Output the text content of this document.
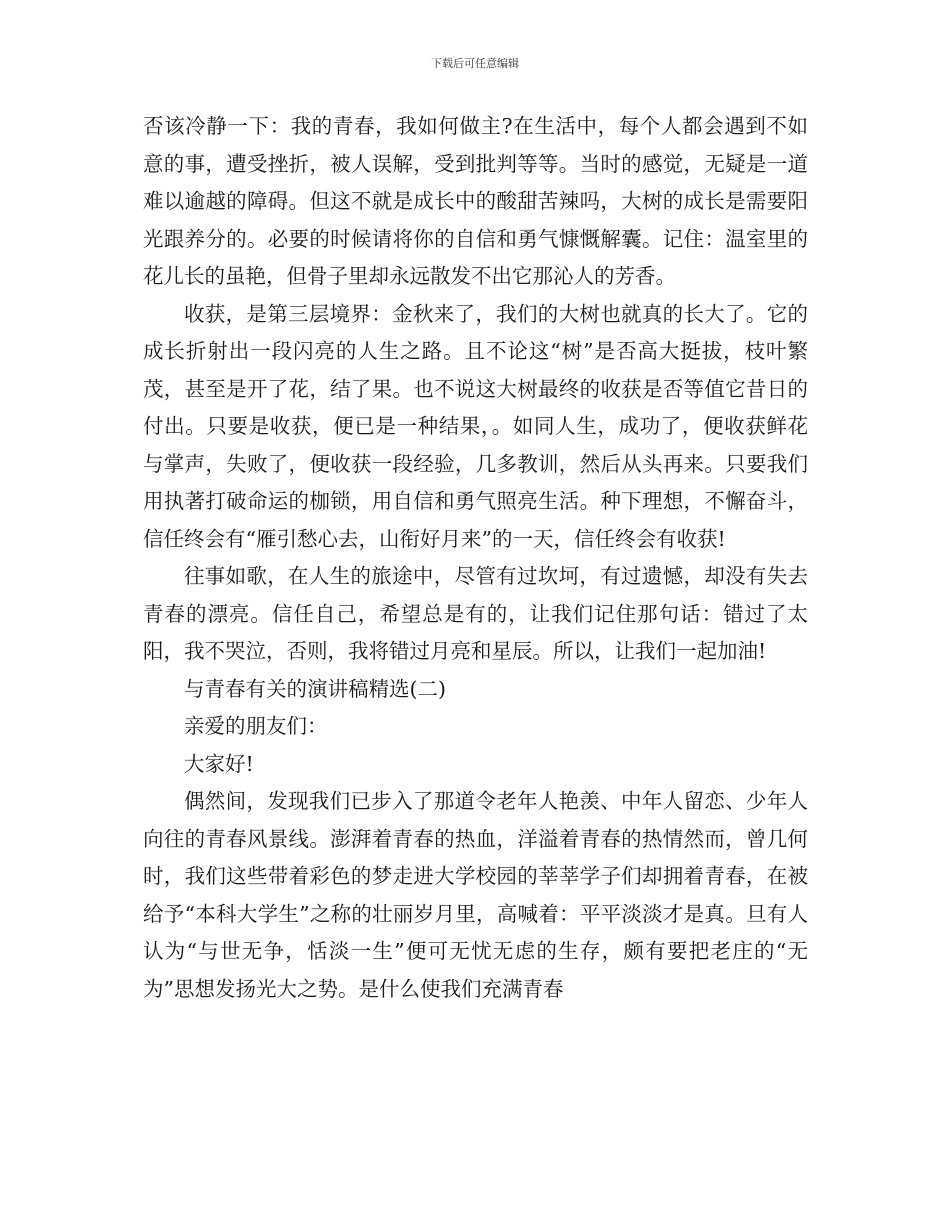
下载后可任意编辑

否该冷静一下：我的青春，我如何做主?在生活中，每个人都会遇到不如意的事，遭受挫折，被人误解，受到批判等等。当时的感觉，无疑是一道难以逾越的障碍。但这不就是成长中的酸甜苦辣吗，大树的成长是需要阳光跟养分的。必要的时候请将你的自信和勇气慷慨解囊。记住：温室里的花儿长的虽艳，但骨子里却永远散发不出它那沁人的芳香。

收获，是第三层境界：金秋来了，我们的大树也就真的长大了。它的成长折射出一段闪亮的人生之路。且不论这“树”是否高大挺拔，枝叶繁茂，甚至是开了花，结了果。也不说这大树最终的收获是否等值它昔日的付出。只要是收获，便已是一种结果，。如同人生，成功了，便收获鲜花与掌声，失败了，便收获一段经验，几多教训，然后从头再来。只要我们用执著打破命运的枷锁，用自信和勇气照亮生活。种下理想，不懈奋斗，信任终会有“雁引愁心去，山衔好月来”的一天，信任终会有收获!

往事如歌，在人生的旅途中，尽管有过坎坷，有过遗憾，却没有失去青春的漂亮。信任自己，希望总是有的，让我们记住那句话：错过了太阳，我不哭泣，否则，我将错过月亮和星辰。所以，让我们一起加油!

与青春有关的演讲稿精选(二)

亲爱的朋友们：

大家好!

偶然间，发现我们已步入了那道令老年人艳羡、中年人留恋、少年人向往的青春风景线。澎湃着青春的热血，洋溢着青春的热情然而，曾几何时，我们这些带着彩色的梦走进大学校园的莘莘学子们却拥着青春，在被给予“本科大学生”之称的壮丽岁月里，高喊着：平平淡淡才是真。旦有人认为“与世无争，恬淡一生”便可无忧无虑的生存，颇有要把老庄的“无为”思想发扬光大之势。是什么使我们充满青春
